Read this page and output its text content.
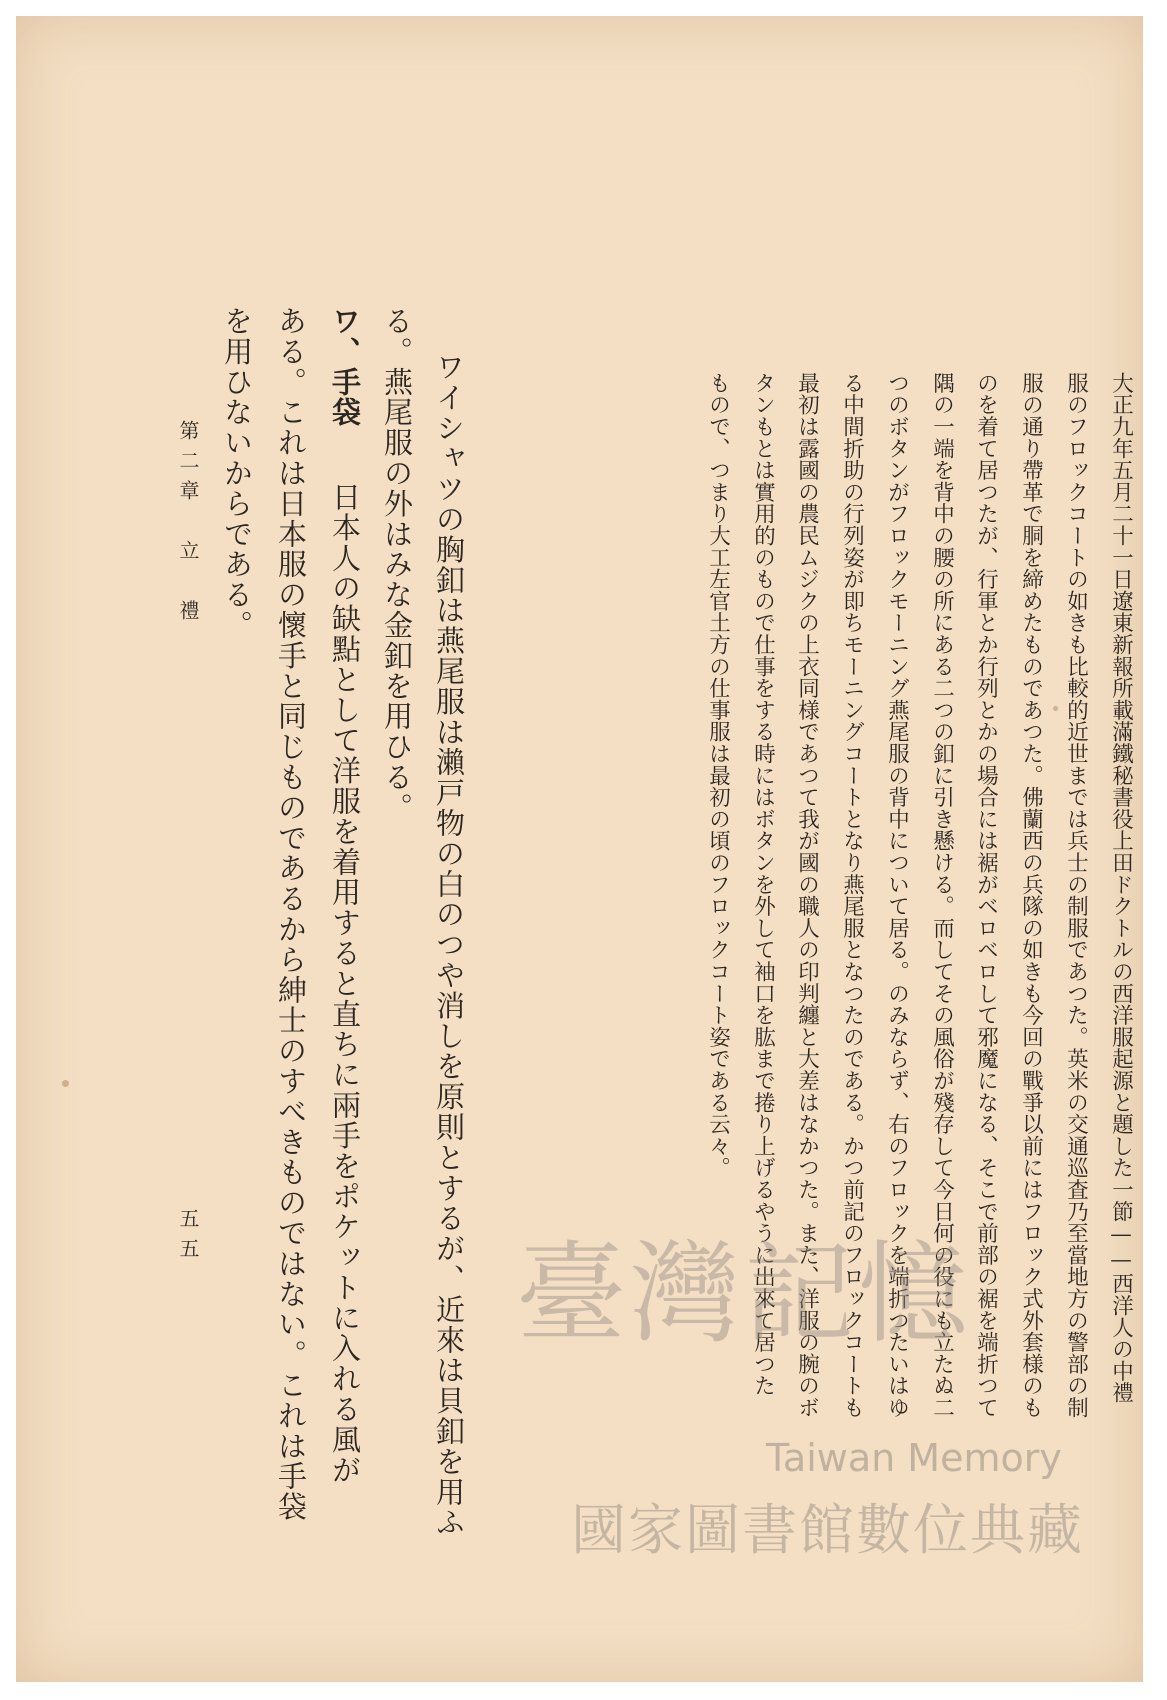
大正九年五月二十一日遼東新報所載滿鐵秘書役上田ドクトルの西洋服起源と題した一節——西洋人の中禮
服のフロックコートの如きも比較的近世までは兵士の制服であつた。英米の交通巡査乃至當地方の警部の制
服の通り帶革で胴を締めたものであつた。佛蘭西の兵隊の如きも今回の戰爭以前にはフロック式外套様のも
のを着て居つたが、行軍とか行列とかの場合には裾がベロベロして邪魔になる、そこで前部の裾を端折つて
隅の一端を背中の腰の所にある二つの釦に引き懸ける。而してその風俗が殘存して今日何の役にも立たぬ二
つのボタンがフロックモーニング燕尾服の背中について居る。のみならず、右のフロックを端折つたいはゆ
る中間折助の行列姿が即ちモーニングコートとなり燕尾服となつたのである。かつ前記のフロックコートも
最初は露國の農民ムジクの上衣同様であつて我が國の職人の印判纏と大差はなかつた。また、洋服の腕のボ
タンもとは實用的のもので仕事をする時にはボタンを外して袖口を肱まで捲り上げるやうに出來て居つた
もので、つまり大工左官土方の仕事服は最初の頃のフロックコート姿である云々。
ワイシャツの胸釦は燕尾服は瀨戸物の白のつや消しを原則とするが、近來は貝釦を用ふ
る。燕尾服の外はみな金釦を用ひる。
ワ、手袋
日本人の缺點として洋服を着用すると直ちに兩手をポケットに入れる風が
ある。これは日本服の懷手と同じものであるから紳士のすべきものではない。これは手袋
を用ひないからである。
第二章　立　禮
五五	臺灣記憶
Taiwan Memory
國家圖書館數位典藏
